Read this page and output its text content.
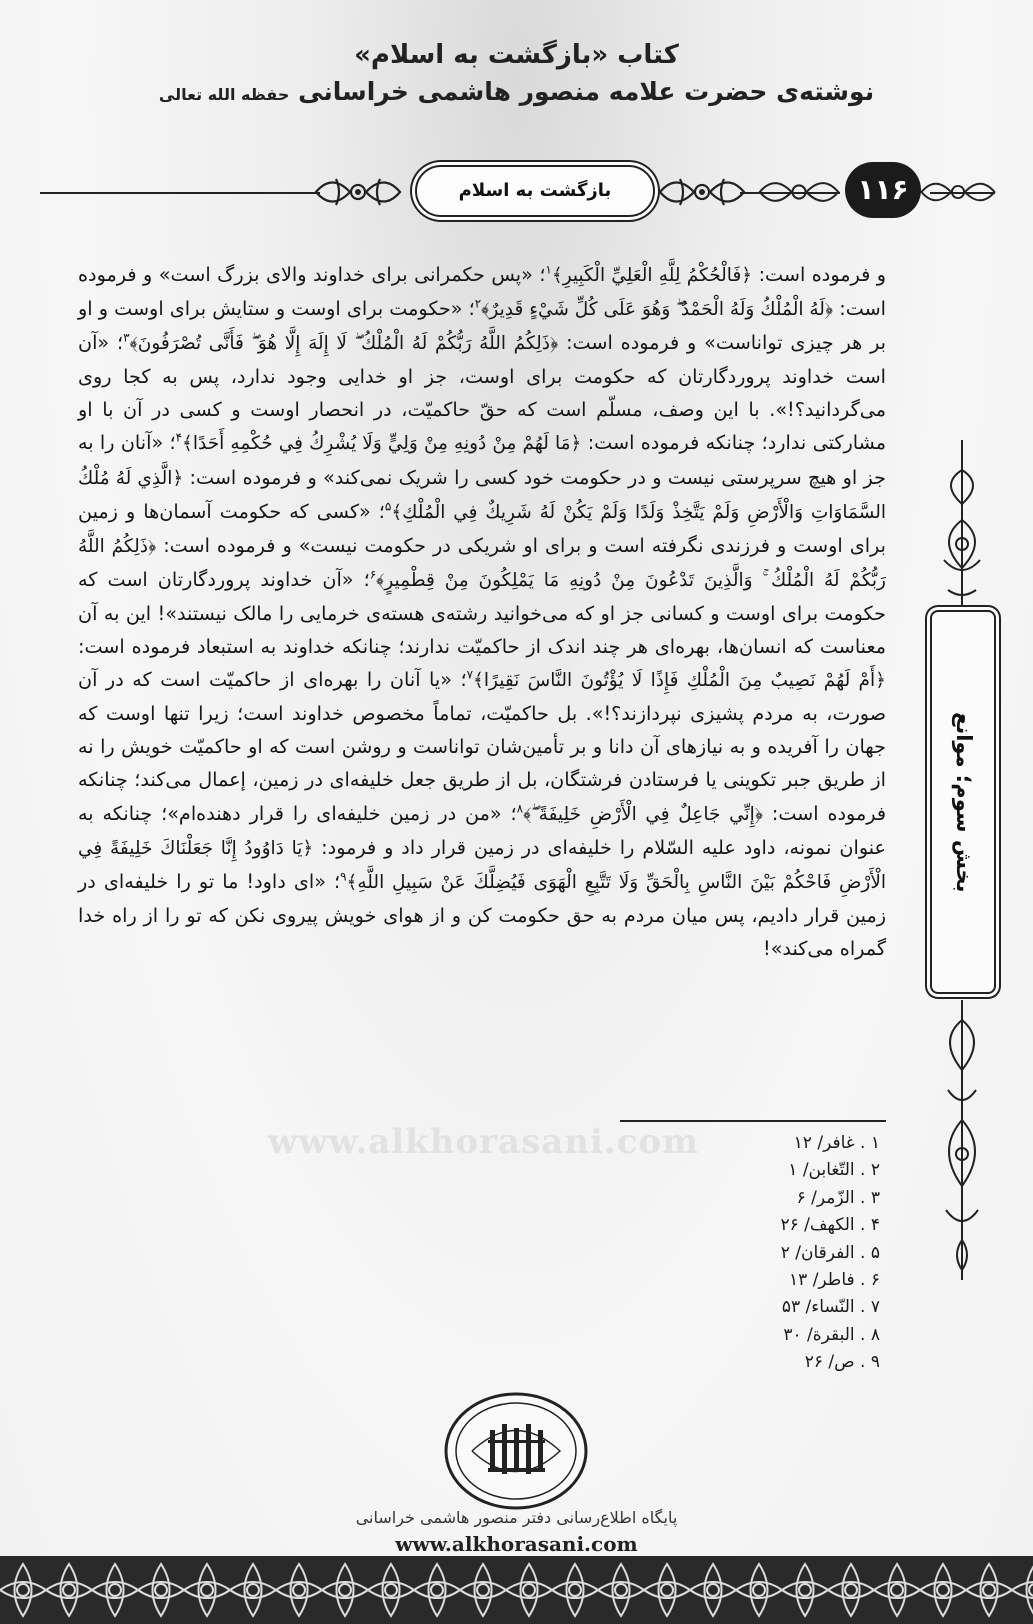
کتاب «بازگشت به اسلام»
نوشته‌ی حضرت علامه منصور هاشمی خراسانی حفظه الله تعالی
بازگشت به اسلام	۱۱۶

و فرموده است: ﴿فَالْحُكْمُ لِلَّهِ الْعَلِيِّ الْكَبِيرِ﴾$^۱$؛ «پس حکمرانی برای خداوند والای بزرگ است» و فرموده است: ﴿لَهُ الْمُلْكُ وَلَهُ الْحَمْدُ ۖ وَهُوَ عَلَى كُلِّ شَيْءٍ قَدِيرٌ﴾$^۲$؛ «حکومت برای اوست و ستایش برای اوست و او بر هر چیزی تواناست» و فرموده است: ﴿ذَلِكُمُ اللَّهُ رَبُّكُمْ لَهُ الْمُلْكُ ۖ لَا إِلَهَ إِلَّا هُوَ ۖ فَأَنَّى تُصْرَفُونَ﴾$^۳$؛ «آن است خداوند پروردگارتان که حکومت برای اوست، جز او خدایی وجود ندارد، پس به کجا روی می‌گردانید؟!». با این وصف، مسلّم است که حقّ حاکمیّت، در انحصار اوست و کسی در آن با او مشارکتی ندارد؛ چنانکه فرموده است: ﴿مَا لَهُمْ مِنْ دُونِهِ مِنْ وَلِيٍّ وَلَا يُشْرِكُ فِي حُكْمِهِ أَحَدًا﴾$^۴$؛ «آنان را به جز او هیچ سرپرستی نیست و در حکومت خود کسی را شریک نمی‌کند» و فرموده است: ﴿الَّذِي لَهُ مُلْكُ السَّمَاوَاتِ وَالْأَرْضِ وَلَمْ يَتَّخِذْ وَلَدًا وَلَمْ يَكُنْ لَهُ شَرِيكٌ فِي الْمُلْكِ﴾$^۵$؛ «کسی که حکومت آسمان‌ها و زمین برای اوست و فرزندی نگرفته است و برای او شریکی در حکومت نیست» و فرموده است: ﴿ذَلِكُمُ اللَّهُ رَبُّكُمْ لَهُ الْمُلْكُ ۚ وَالَّذِينَ تَدْعُونَ مِنْ دُونِهِ مَا يَمْلِكُونَ مِنْ قِطْمِيرٍ﴾$^۶$؛ «آن خداوند پروردگارتان است که حکومت برای اوست و کسانی جز او که می‌خوانید رشته‌ی هسته‌ی خرمایی را مالک نیستند»! این به آن معناست که انسان‌ها، بهره‌ای هر چند اندک از حاکمیّت ندارند؛ چنانکه خداوند به استبعاد فرموده است: ﴿أَمْ لَهُمْ نَصِيبٌ مِنَ الْمُلْكِ فَإِذًا لَا يُؤْتُونَ النَّاسَ نَقِيرًا﴾$^۷$؛ «یا آنان را بهره‌ای از حاکمیّت است که در آن صورت، به مردم پشیزی نپردازند؟!». بل حاکمیّت، تماماً مخصوص خداوند است؛ زیرا تنها اوست که جهان را آفریده و به نیازهای آن دانا و بر تأمین‌شان تواناست و روشن است که او حاکمیّت خویش را نه از طریق جبر تکوینی یا فرستادن فرشتگان، بل از طریق جعل خلیفه‌ای در زمین، إعمال می‌کند؛ چنانکه فرموده است: ﴿إِنِّي جَاعِلٌ فِي الْأَرْضِ خَلِيفَةً ۖ﴾$^۸$؛ «من در زمین خلیفه‌ای را قرار دهنده‌ام»؛ چنانکه به عنوان نمونه، داود علیه السّلام را خلیفه‌ای در زمین قرار داد و فرمود: ﴿يَا دَاوُودُ إِنَّا جَعَلْنَاكَ خَلِيفَةً فِي الْأَرْضِ فَاحْكُمْ بَيْنَ النَّاسِ بِالْحَقِّ وَلَا تَتَّبِعِ الْهَوَى فَيُضِلَّكَ عَنْ سَبِيلِ اللَّهِ﴾$^۹$؛ «ای داود! ما تو را خلیفه‌ای در زمین قرار دادیم، پس میان مردم به حق حکومت کن و از هوای خویش پیروی نکن که تو را از راه خدا گمراه می‌کند»!

بخش سوم؛ موانع
www.alkhorasani.com	۱ . غافر/ ۱۲
۲ . التّغابن/ ۱
۳ . الزّمر/ ۶
۴ . الكهف/ ۲۶
۵ . الفرقان/ ۲
۶ . فاطر/ ۱۳
۷ . النّساء/ ۵۳
۸ . البقرة/ ۳۰
۹ . ص/ ۲۶
پایگاه اطلاع‌رسانی دفتر منصور هاشمی خراسانی
www.alkhorasani.com
